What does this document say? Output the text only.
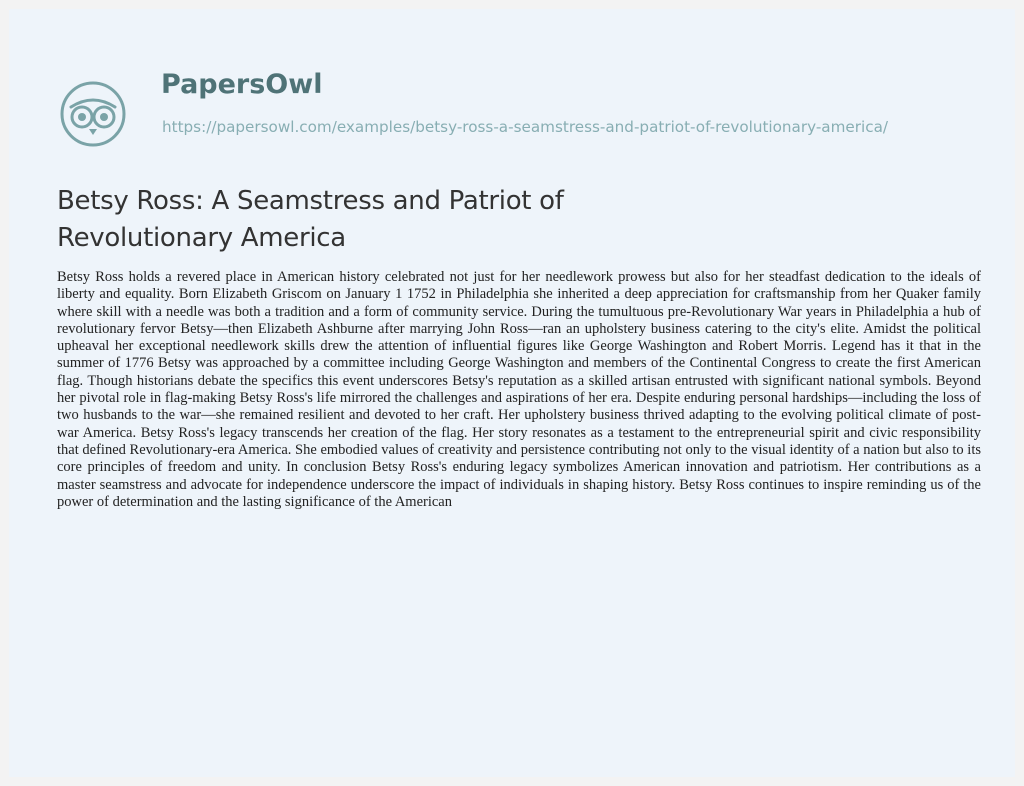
PapersOwl
https://papersowl.com/examples/betsy-ross-a-seamstress-and-patriot-of-revolutionary-america/
Betsy Ross: A Seamstress and Patriot of Revolutionary America
Betsy Ross holds a revered place in American history celebrated not just for her needlework prowess but also for her steadfast dedication to the ideals of liberty and equality. Born Elizabeth Griscom on January 1 1752 in Philadelphia she inherited a deep appreciation for craftsmanship from her Quaker family where skill with a needle was both a tradition and a form of community service. During the tumultuous pre-Revolutionary War years in Philadelphia a hub of revolutionary fervor Betsy—then Elizabeth Ashburne after marrying John Ross—ran an upholstery business catering to the city's elite. Amidst the political upheaval her exceptional needlework skills drew the attention of influential figures like George Washington and Robert Morris. Legend has it that in the summer of 1776 Betsy was approached by a committee including George Washington and members of the Continental Congress to create the first American flag. Though historians debate the specifics this event underscores Betsy's reputation as a skilled artisan entrusted with significant national symbols. Beyond her pivotal role in flag-making Betsy Ross's life mirrored the challenges and aspirations of her era. Despite enduring personal hardships—including the loss of two husbands to the war—she remained resilient and devoted to her craft. Her upholstery business thrived adapting to the evolving political climate of post-war America. Betsy Ross's legacy transcends her creation of the flag. Her story resonates as a testament to the entrepreneurial spirit and civic responsibility that defined Revolutionary-era America. She embodied values of creativity and persistence contributing not only to the visual identity of a nation but also to its core principles of freedom and unity. In conclusion Betsy Ross's enduring legacy symbolizes American innovation and patriotism. Her contributions as a master seamstress and advocate for independence underscore the impact of individuals in shaping history. Betsy Ross continues to inspire reminding us of the power of determination and the lasting significance of the American
